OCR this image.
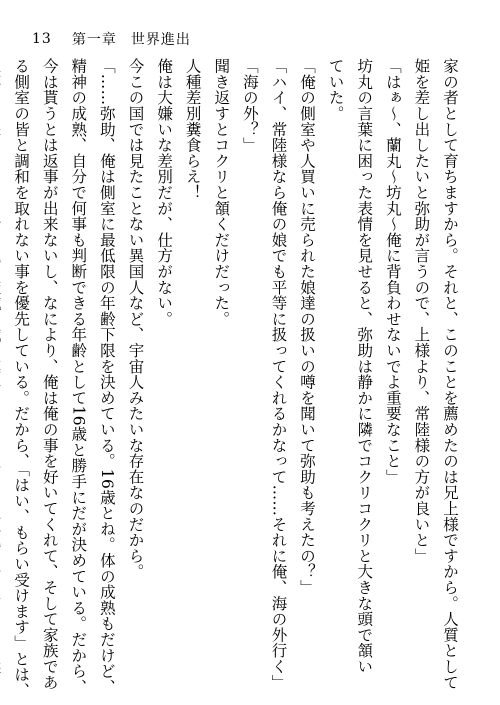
13 第一章 世界進出
家の者として育ちますから。それと、このことを薦めたのは兄上様ですから。人質として
姫を差し出したいと弥助が言うので、上様より、常陸様の方が良いと」
「はぁ～、蘭丸～坊丸～俺に背負わせないでよ重要なこと」
坊丸の言葉に困った表情を見せると、弥助は静かに隣でコクリコクリと大きな頭で頷い
ていた。
「俺の側室や人買いに売られた娘達の扱いの噂を聞いて弥助も考えたの？」
「ハイ、常陸様なら俺の娘でも平等に扱ってくれるかなって……それに俺、海の外行く」
「海の外？」
聞き返すとコクリと頷くだけだった。
人種差別糞食らえ！
俺は大嫌いな差別だが、仕方がない。
今この国では見たことない異国人など、宇宙人みたいな存在なのだから。
「……弥助、俺は側室に最低限の年齢下限を決めている。16歳とね。体の成熟もだけど、
精神の成熟、自分で何事も判断できる年齢として16歳と勝手にだが決めている。だから、
今は貰うとは返事が出来ないし、なにより、俺は俺の事を好いてくれて、そして家族であ
る側室の皆と調和を取れない事を優先している。だから、「はい、もらい受けます」とは、
